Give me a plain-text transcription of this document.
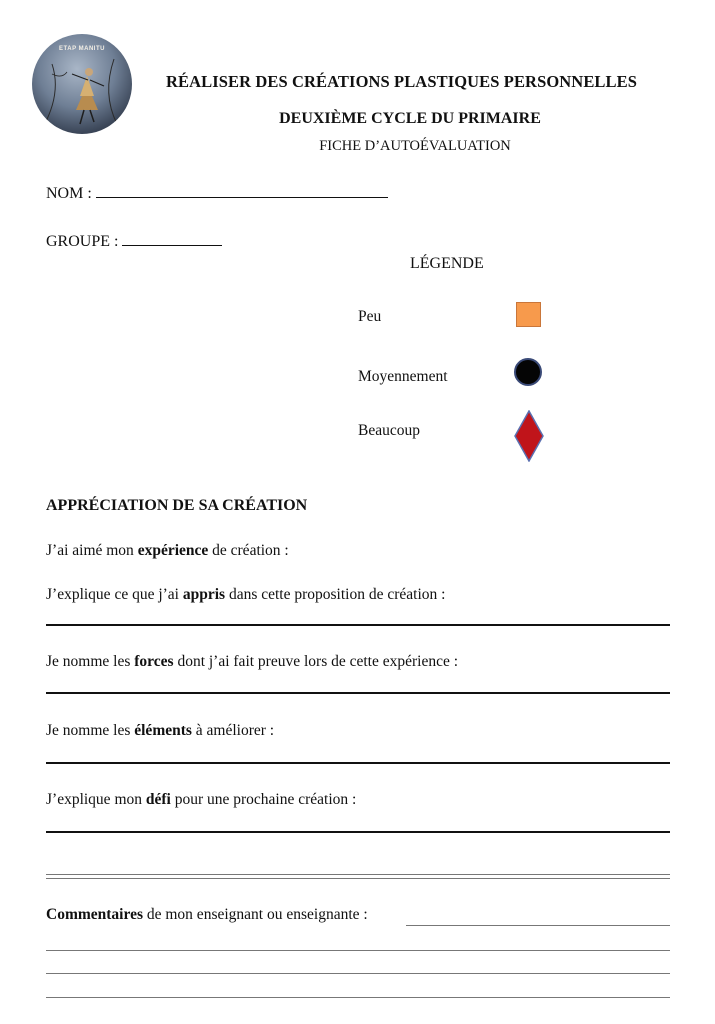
ETAP MANITU
RÉALISER DES CRÉATIONS PLASTIQUES PERSONNELLES
DEUXIÈME CYCLE DU PRIMAIRE
FICHE D’AUTOÉVALUATION
NOM :
GROUPE :
LÉGENDE
Peu
Moyennement
Beaucoup
APPRÉCIATION DE SA CRÉATION
J’ai aimé mon expérience de création :
J’explique ce que j’ai appris dans cette proposition de création :
Je nomme les forces dont j’ai fait preuve lors de cette expérience :
Je nomme les éléments à améliorer :
J’explique mon défi pour une prochaine création :
Commentaires de mon enseignant ou enseignante :
